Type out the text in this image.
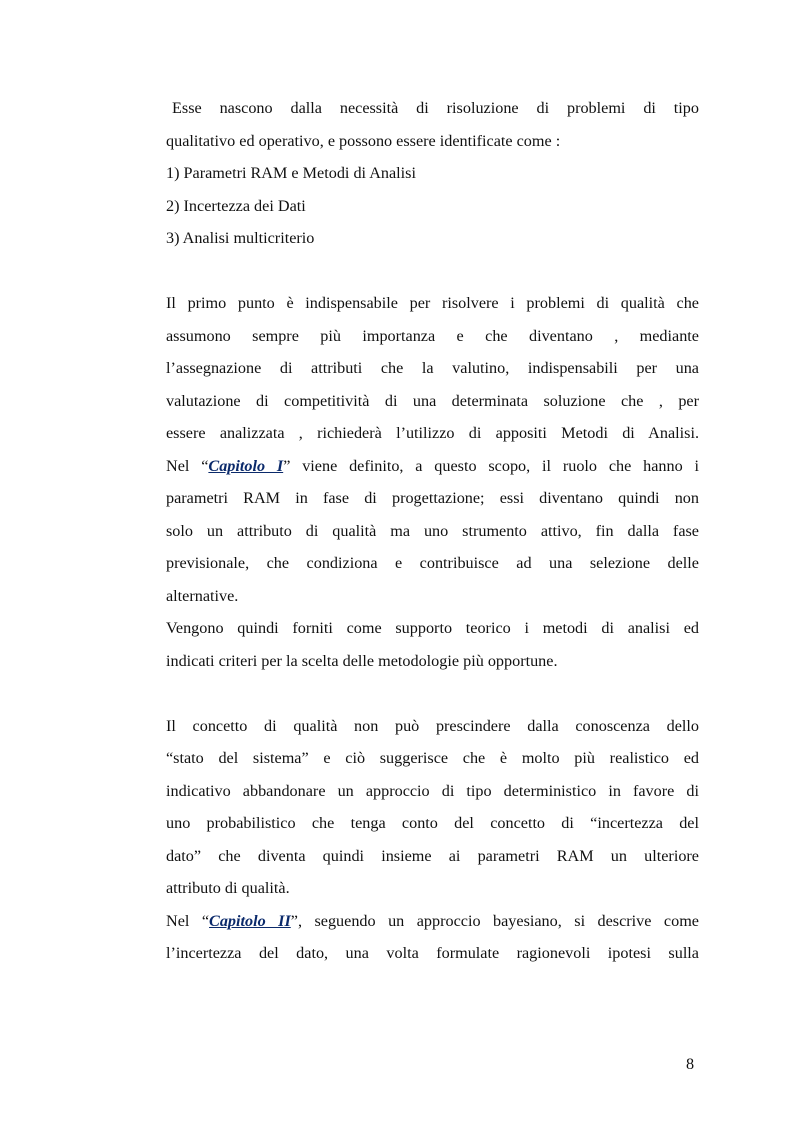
Esse nascono dalla necessità di risoluzione di problemi di tipo
qualitativo ed operativo, e possono essere identificate come :
1) Parametri RAM e Metodi di Analisi
2) Incertezza dei Dati
3) Analisi multicriterio
Il primo punto è indispensabile per risolvere i problemi di qualità che
assumono sempre più importanza e che diventano , mediante
l’assegnazione di attributi che la valutino, indispensabili per una
valutazione di competitività di una determinata soluzione che , per
essere analizzata , richiederà l’utilizzo di appositi Metodi di Analisi.
Nel “Capitolo I” viene definito, a questo scopo, il ruolo che hanno i
parametri RAM in fase di progettazione; essi diventano quindi non
solo un attributo di qualità ma uno strumento attivo, fin dalla fase
previsionale, che condiziona e contribuisce ad una selezione delle
alternative.
Vengono quindi forniti come supporto teorico i metodi di analisi ed
indicati criteri per la scelta delle metodologie più opportune.
Il concetto di qualità non può prescindere dalla conoscenza dello
“stato del sistema” e ciò suggerisce che è molto più realistico ed
indicativo abbandonare un approccio di tipo deterministico in favore di
uno probabilistico che tenga conto del concetto di “incertezza del
dato” che diventa quindi insieme ai parametri RAM un ulteriore
attributo di qualità.
Nel “Capitolo II”, seguendo un approccio bayesiano, si descrive come
l’incertezza del dato, una volta formulate ragionevoli ipotesi sulla
8
